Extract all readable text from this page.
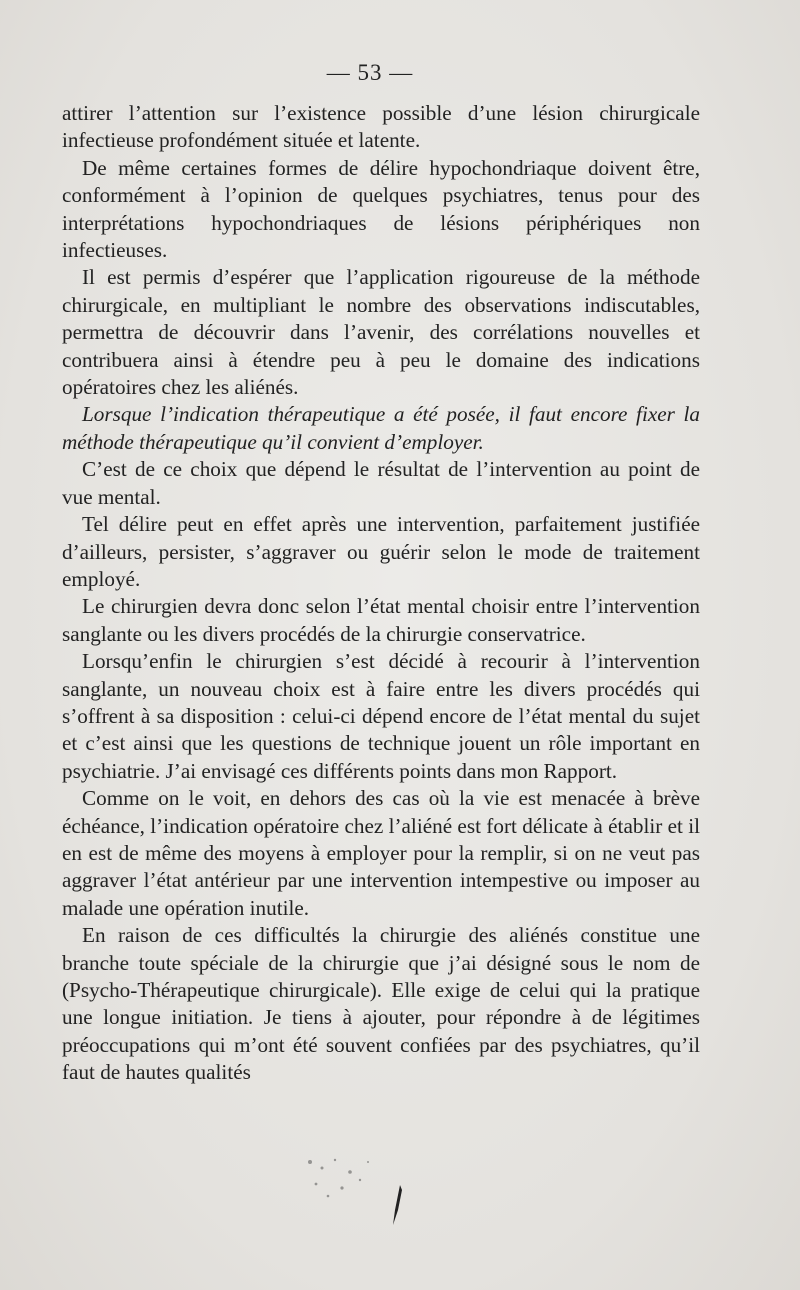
— 53 —

attirer l’attention sur l’existence possible d’une lésion chirurgicale infectieuse profondément située et latente.

De même certaines formes de délire hypochondriaque doivent être, conformément à l’opinion de quelques psychiatres, tenus pour des interprétations hypochondriaques de lésions périphériques non infectieuses.

Il est permis d’espérer que l’application rigoureuse de la méthode chirurgicale, en multipliant le nombre des observations indiscutables, permettra de découvrir dans l’avenir, des corrélations nouvelles et contribuera ainsi à étendre peu à peu le domaine des indications opératoires chez les aliénés.

Lorsque l’indication thérapeutique a été posée, il faut encore fixer la méthode thérapeutique qu’il convient d’employer.

C’est de ce choix que dépend le résultat de l’intervention au point de vue mental.

Tel délire peut en effet après une intervention, parfaitement justifiée d’ailleurs, persister, s’aggraver ou guérir selon le mode de traitement employé.

Le chirurgien devra donc selon l’état mental choisir entre l’intervention sanglante ou les divers procédés de la chirurgie conservatrice.

Lorsqu’enfin le chirurgien s’est décidé à recourir à l’intervention sanglante, un nouveau choix est à faire entre les divers procédés qui s’offrent à sa disposition : celui-ci dépend encore de l’état mental du sujet et c’est ainsi que les questions de technique jouent un rôle important en psychiatrie. J’ai envisagé ces différents points dans mon Rapport.

Comme on le voit, en dehors des cas où la vie est menacée à brève échéance, l’indication opératoire chez l’aliéné est fort délicate à établir et il en est de même des moyens à employer pour la remplir, si on ne veut pas aggraver l’état antérieur par une intervention intempestive ou imposer au malade une opération inutile.

En raison de ces difficultés la chirurgie des aliénés constitue une branche toute spéciale de la chirurgie que j’ai désigné sous le nom de (Psycho-Thérapeutique chirurgicale). Elle exige de celui qui la pratique une longue initiation. Je tiens à ajouter, pour répondre à de légitimes préoccupations qui m’ont été souvent confiées par des psychiatres, qu’il faut de hautes qualités
